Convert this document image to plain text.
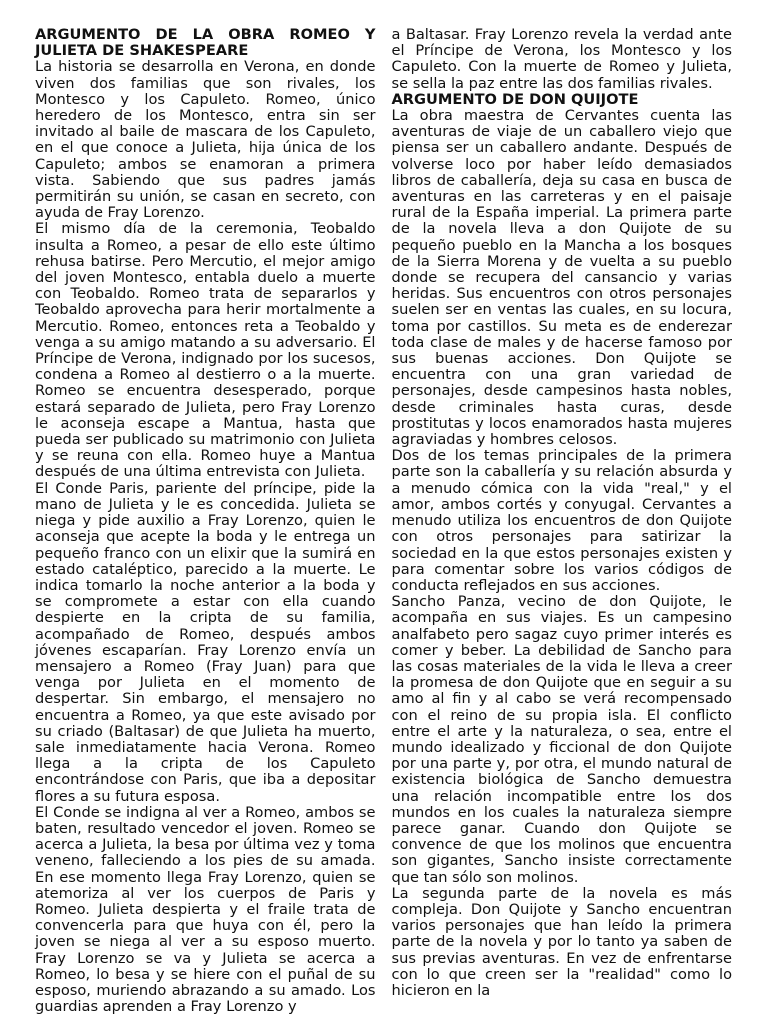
ARGUMENTO DE LA OBRA ROMEO Y JULIETA DE SHAKESPEARE

La historia se desarrolla en Verona, en donde viven dos familias que son rivales, los Montesco y los Capuleto. Romeo, único heredero de los Montesco, entra sin ser invitado al baile de mascara de los Capuleto, en el que conoce a Julieta, hija única de los Capuleto; ambos se enamoran a primera vista. Sabiendo que sus padres jamás permitirán su unión, se casan en secreto, con ayuda de Fray Lorenzo.

El mismo día de la ceremonia, Teobaldo insulta a Romeo, a pesar de ello este último rehusa batirse. Pero Mercutio, el mejor amigo del joven Montesco, entabla duelo a muerte con Teobaldo. Romeo trata de separarlos y Teobaldo aprovecha para herir mortalmente a Mercutio. Romeo, entonces reta a Teobaldo y venga a su amigo matando a su adversario. El Príncipe de Verona, indignado por los sucesos, condena a Romeo al destierro o a la muerte. Romeo se encuentra desesperado, porque estará separado de Julieta, pero Fray Lorenzo le aconseja escape a Mantua, hasta que pueda ser publicado su matrimonio con Julieta y se reuna con ella. Romeo huye a Mantua después de una última entrevista con Julieta.

El Conde Paris, pariente del príncipe, pide la mano de Julieta y le es concedida. Julieta se niega y pide auxilio a Fray Lorenzo, quien le aconseja que acepte la boda y le entrega un pequeño franco con un elixir que la sumirá en estado cataléptico, parecido a la muerte. Le indica tomarlo la noche anterior a la boda y se compromete a estar con ella cuando despierte en la cripta de su familia, acompañado de Romeo, después ambos jóvenes escaparían. Fray Lorenzo envía un mensajero a Romeo (Fray Juan) para que venga por Julieta en el momento de despertar. Sin embargo, el mensajero no encuentra a Romeo, ya que este avisado por su criado (Baltasar) de que Julieta ha muerto, sale inmediatamente hacia Verona. Romeo llega a la cripta de los Capuleto encontrándose con Paris, que iba a depositar flores a su futura esposa.

El Conde se indigna al ver a Romeo, ambos se baten, resultado vencedor el joven. Romeo se acerca a Julieta, la besa por última vez y toma veneno, falleciendo a los pies de su amada. En ese momento llega Fray Lorenzo, quien se atemoriza al ver los cuerpos de Paris y Romeo. Julieta despierta y el fraile trata de convencerla para que huya con él, pero la joven se niega al ver a su esposo muerto. Fray Lorenzo se va y Julieta se acerca a Romeo, lo besa y se hiere con el puñal de su esposo, muriendo abrazando a su amado. Los guardias aprenden a Fray Lorenzo y

a Baltasar. Fray Lorenzo revela la verdad ante el Príncipe de Verona, los Montesco y los Capuleto. Con la muerte de Romeo y Julieta, se sella la paz entre las dos familias rivales.

ARGUMENTO DE DON QUIJOTE

La obra maestra de Cervantes cuenta las aventuras de viaje de un caballero viejo que piensa ser un caballero andante. Después de volverse loco por haber leído demasiados libros de caballería, deja su casa en busca de aventuras en las carreteras y en el paisaje rural de la España imperial. La primera parte de la novela lleva a don Quijote de su pequeño pueblo en la Mancha a los bosques de la Sierra Morena y de vuelta a su pueblo donde se recupera del cansancio y varias heridas. Sus encuentros con otros personajes suelen ser en ventas las cuales, en su locura, toma por castillos. Su meta es de enderezar toda clase de males y de hacerse famoso por sus buenas acciones. Don Quijote se encuentra con una gran variedad de personajes, desde campesinos hasta nobles, desde criminales hasta curas, desde prostitutas y locos enamorados hasta mujeres agraviadas y hombres celosos.

Dos de los temas principales de la primera parte son la caballería y su relación absurda y a menudo cómica con la vida "real," y el amor, ambos cortés y conyugal. Cervantes a menudo utiliza los encuentros de don Quijote con otros personajes para satirizar la sociedad en la que estos personajes existen y para comentar sobre los varios códigos de conducta reflejados en sus acciones.

Sancho Panza, vecino de don Quijote, le acompaña en sus viajes. Es un campesino analfabeto pero sagaz cuyo primer interés es comer y beber. La debilidad de Sancho para las cosas materiales de la vida le lleva a creer la promesa de don Quijote que en seguir a su amo al fin y al cabo se verá recompensado con el reino de su propia isla. El conflicto entre el arte y la naturaleza, o sea, entre el mundo idealizado y ficcional de don Quijote por una parte y, por otra, el mundo natural de existencia biológica de Sancho demuestra una relación incompatible entre los dos mundos en los cuales la naturaleza siempre parece ganar. Cuando don Quijote se convence de que los molinos que encuentra son gigantes, Sancho insiste correctamente que tan sólo son molinos.

La segunda parte de la novela es más compleja. Don Quijote y Sancho encuentran varios personajes que han leído la primera parte de la novela y por lo tanto ya saben de sus previas aventuras. En vez de enfrentarse con lo que creen ser la "realidad" como lo hicieron en la
